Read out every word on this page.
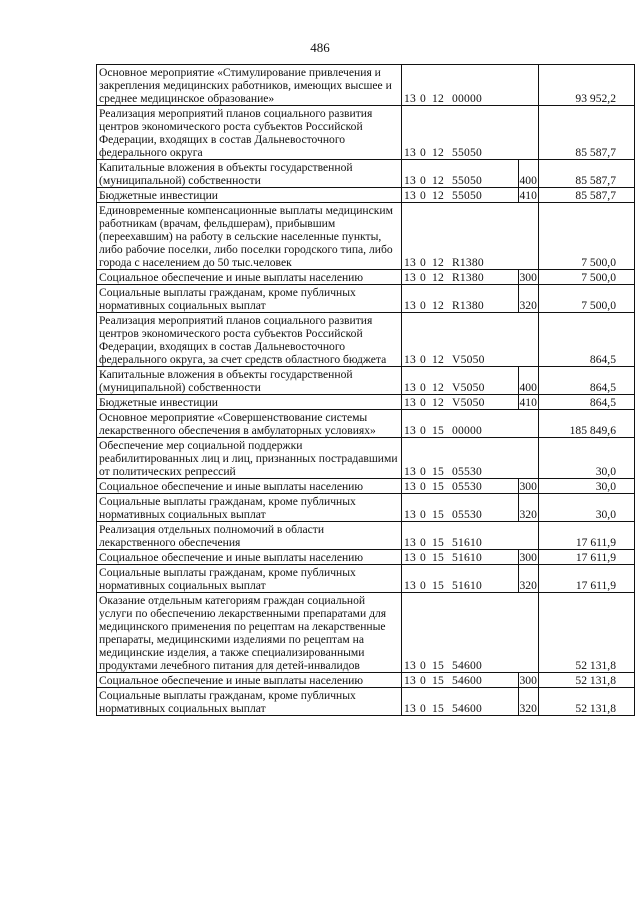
486
Основное мероприятие «Стимулирование привлечения и закрепления медицинских работников, имеющих высшее и среднее медицинское образование»	13 0 12 00000		93 952,2
Реализация мероприятий планов социального развития центров экономического роста субъектов Российской Федерации, входящих в состав Дальневосточного федерального округа	13 0 12 55050		85 587,7
Капитальные вложения в объекты государственной (муниципальной) собственности	13 0 12 55050	400	85 587,7
Бюджетные инвестиции	13 0 12 55050	410	85 587,7
Единовременные компенсационные выплаты медицинским работникам (врачам, фельдшерам), прибывшим (переехавшим) на работу в сельские населенные пункты, либо рабочие поселки, либо поселки городского типа, либо города с населением до 50 тыс.человек	13 0 12 R1380		7 500,0
Социальное обеспечение и иные выплаты населению	13 0 12 R1380	300	7 500,0
Социальные выплаты гражданам, кроме публичных нормативных социальных выплат	13 0 12 R1380	320	7 500,0
Реализация мероприятий планов социального развития центров экономического роста субъектов Российской Федерации, входящих в состав Дальневосточного федерального округа, за счет средств областного бюджета	13 0 12 V5050		864,5
Капитальные вложения в объекты государственной (муниципальной) собственности	13 0 12 V5050	400	864,5
Бюджетные инвестиции	13 0 12 V5050	410	864,5
Основное мероприятие «Совершенствование системы лекарственного обеспечения в амбулаторных условиях»	13 0 15 00000		185 849,6
Обеспечение мер социальной поддержки реабилитированных лиц и лиц, признанных пострадавшими от политических репрессий	13 0 15 05530		30,0
Социальное обеспечение и иные выплаты населению	13 0 15 05530	300	30,0
Социальные выплаты гражданам, кроме публичных нормативных социальных выплат	13 0 15 05530	320	30,0
Реализация отдельных полномочий в области лекарственного обеспечения	13 0 15 51610		17 611,9
Социальное обеспечение и иные выплаты населению	13 0 15 51610	300	17 611,9
Социальные выплаты гражданам, кроме публичных нормативных социальных выплат	13 0 15 51610	320	17 611,9
Оказание отдельным категориям граждан социальной услуги по обеспечению лекарственными препаратами для медицинского применения по рецептам на лекарственные препараты, медицинскими изделиями по рецептам на медицинские изделия, а также специализированными продуктами лечебного питания для детей-инвалидов	13 0 15 54600		52 131,8
Социальное обеспечение и иные выплаты населению	13 0 15 54600	300	52 131,8
Социальные выплаты гражданам, кроме публичных нормативных социальных выплат	13 0 15 54600	320	52 131,8
